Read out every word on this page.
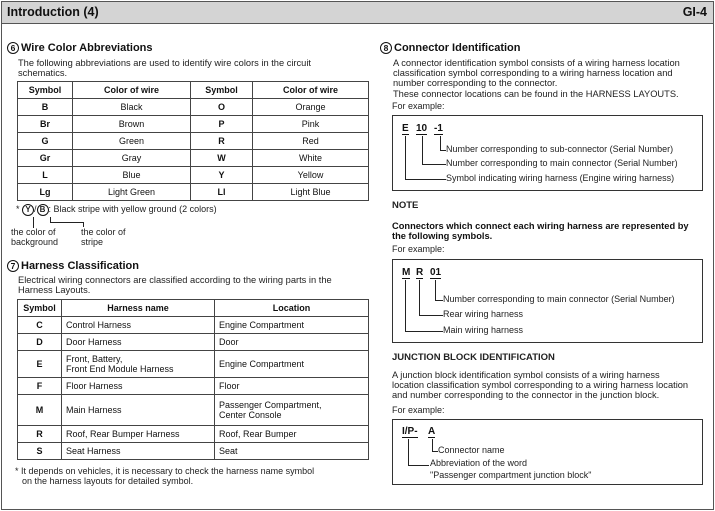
Introduction (4)	GI-4
6 Wire Color Abbreviations
The following abbreviations are used to identify wire colors in the circuit schematics.
Symbol	Color of wire	Symbol	Color of wire
B	Black	O	Orange
Br	Brown	P	Pink
G	Green	R	Red
Gr	Gray	W	White
L	Blue	Y	Yellow
Lg	Light Green	Ll	Light Blue
* Y / B : Black stripe with yellow ground (2 colors)
the color of
background
the color of
stripe
7 Harness Classification
Electrical wiring connectors are classified according to the wiring parts in the Harness Layouts.
Symbol	Harness name	Location
C	Control Harness	Engine Compartment
D	Door Harness	Door
E	Front, Battery,
Front End Module Harness	Engine Compartment
F	Floor Harness	Floor
M	Main Harness	Passenger Compartment,
Center Console

R	Roof, Rear Bumper Harness	Roof, Rear Bumper
S	Seat Harness	Seat
* It depends on vehicles, it is necessary to check the harness name symbol
on the harness layouts for detailed symbol.
8 Connector Identification
A connector identification symbol consists of a wiring harness location
classification symbol corresponding to a wiring harness location and
number corresponding to the connector.
These connector locations can be found in the HARNESS LAYOUTS.
For example:
E 10 -1
Number corresponding to sub-connector (Serial Number)
Number corresponding to main connector (Serial Number)
Symbol indicating wiring harness (Engine wiring harness)
NOTE
Connectors which connect each wiring harness are represented by
the following symbols.
For example:
M R 01
Number corresponding to main connector (Serial Number)
Rear wiring harness
Main wiring harness
JUNCTION BLOCK IDENTIFICATION
A junction block identification symbol consists of a wiring harness
location classification symbol corresponding to a wiring harness location
and number corresponding to the connector in the junction block.
For example:
I/P- A
Connector name
Abbreviation of the word
"Passenger compartment junction block"
